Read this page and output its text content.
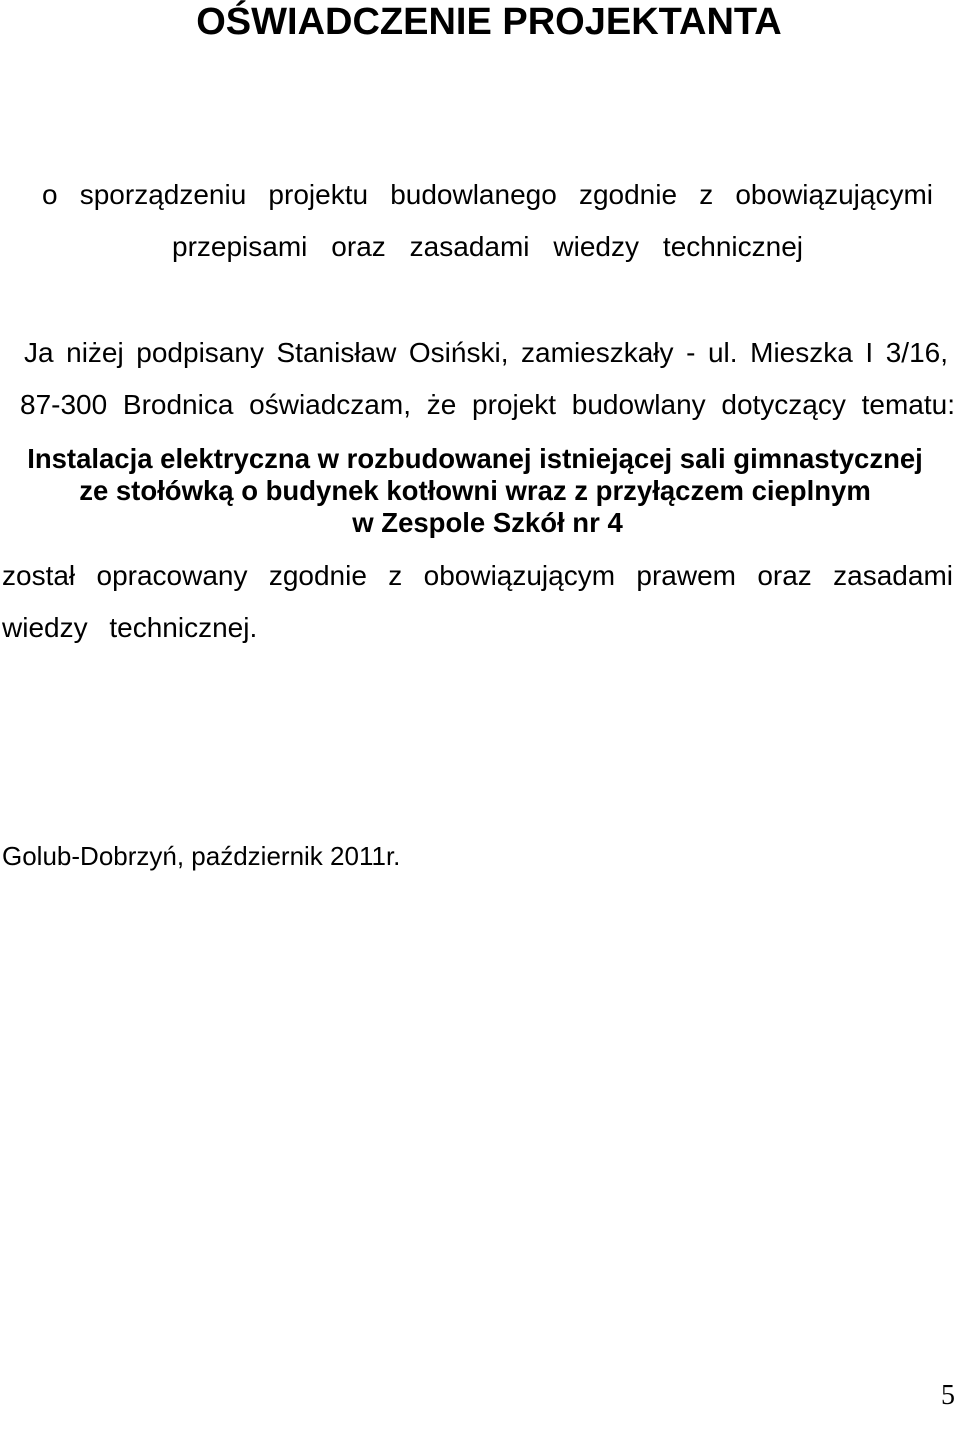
OŚWIADCZENIE PROJEKTANTA
o sporządzeniu projektu budowlanego zgodnie z obowiązującymi
przepisami oraz zasadami wiedzy technicznej
Ja niżej podpisany Stanisław Osiński, zamieszkały - ul. Mieszka I 3/16,
87-300 Brodnica oświadczam, że projekt budowlany dotyczący tematu:
Instalacja elektryczna w rozbudowanej istniejącej sali gimnastycznej
ze stołówką o budynek kotłowni wraz z przyłączem cieplnym
w Zespole Szkół nr 4
został opracowany zgodnie z obowiązującym prawem oraz zasadami
wiedzy technicznej.
Golub-Dobrzyń, październik 2011r.
5
